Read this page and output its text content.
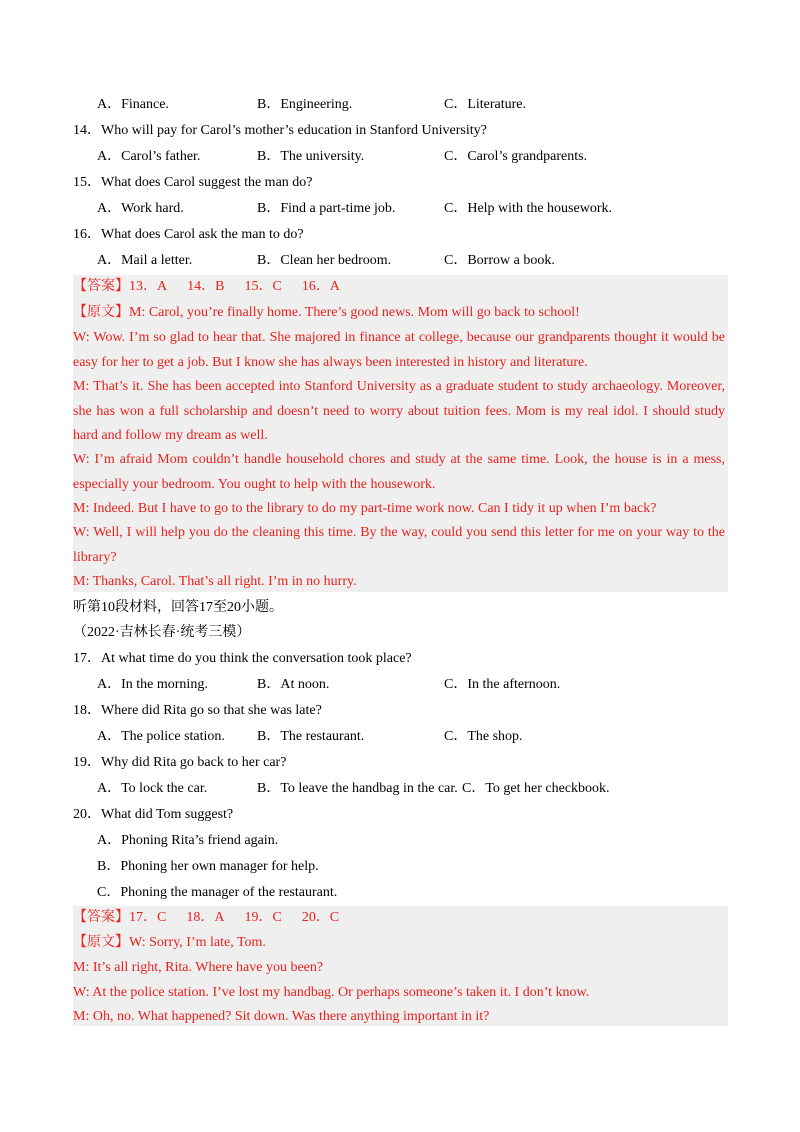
A．Finance.	B．Engineering.	C．Literature.
14．Who will pay for Carol’s mother’s education in Stanford University?
A．Carol’s father.	B．The university.	C．Carol’s grandparents.
15．What does Carol suggest the man do?
A．Work hard.	B．Find a part-time job.	C．Help with the housework.
16．What does Carol ask the man to do?
A．Mail a letter.	B．Clean her bedroom.	C．Borrow a book.
【答案】13．A 14．B 15．C 16．A
【原文】M: Carol, you’re finally home. There’s good news. Mom will go back to school!
W: Wow. I’m so glad to hear that. She majored in finance at college, because our grandparents thought it would be easy for her to get a job. But I know she has always been interested in history and literature.
M: That’s it. She has been accepted into Stanford University as a graduate student to study archaeology. Moreover, she has won a full scholarship and doesn’t need to worry about tuition fees. Mom is my real idol. I should study hard and follow my dream as well.
W: I’m afraid Mom couldn’t handle household chores and study at the same time. Look, the house is in a mess, especially your bedroom. You ought to help with the housework.
M: Indeed. But I have to go to the library to do my part-time work now. Can I tidy it up when I’m back?
W: Well, I will help you do the cleaning this time. By the way, could you send this letter for me on your way to the library?
M: Thanks, Carol. That’s all right. I’m in no hurry.
听第10段材料，回答17至20小题。
（2022·吉林长春·统考三模）
17．At what time do you think the conversation took place?
A．In the morning.	B．At noon.	C．In the afternoon.
18．Where did Rita go so that she was late?
A．The police station. B．The restaurant.	C．The shop.
19．Why did Rita go back to her car?
A．To lock the car.	B．To leave the handbag in the car. C．To get her checkbook.
20．What did Tom suggest?
A．Phoning Rita’s friend again.
B．Phoning her own manager for help.
C．Phoning the manager of the restaurant.
【答案】17．C 18．A 19．C 20．C
【原文】W: Sorry, I’m late, Tom.
M: It’s all right, Rita. Where have you been?
W: At the police station. I’ve lost my handbag. Or perhaps someone’s taken it. I don’t know.
M: Oh, no. What happened? Sit down. Was there anything important in it?
